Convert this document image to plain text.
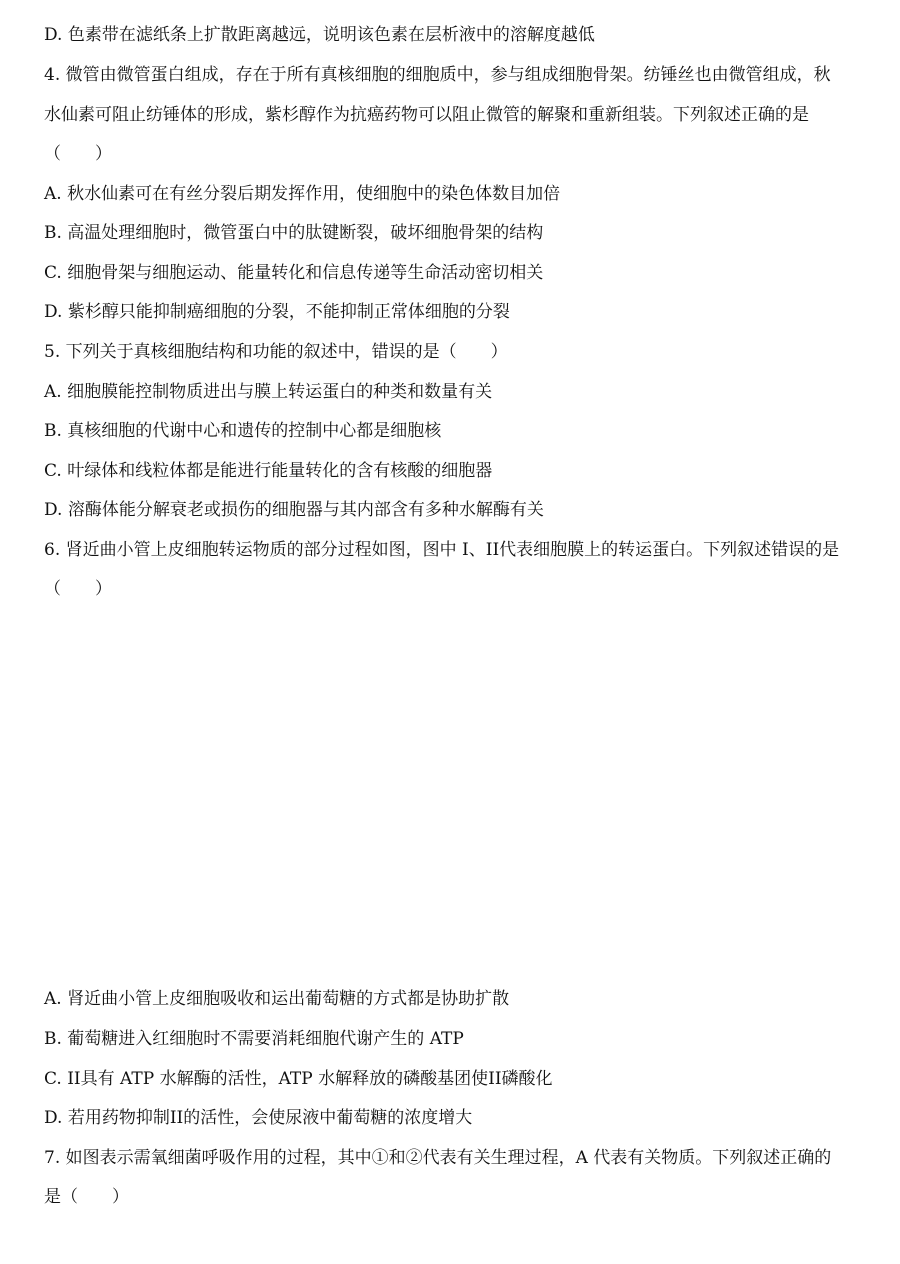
D. 色素带在滤纸条上扩散距离越远，说明该色素在层析液中的溶解度越低
4. 微管由微管蛋白组成，存在于所有真核细胞的细胞质中，参与组成细胞骨架。纺锤丝也由微管组成，秋
水仙素可阻止纺锤体的形成，紫杉醇作为抗癌药物可以阻止微管的解聚和重新组装。下列叙述正确的是
（　　）
A. 秋水仙素可在有丝分裂后期发挥作用，使细胞中的染色体数目加倍
B. 高温处理细胞时，微管蛋白中的肽键断裂，破坏细胞骨架的结构
C. 细胞骨架与细胞运动、能量转化和信息传递等生命活动密切相关
D. 紫杉醇只能抑制癌细胞的分裂，不能抑制正常体细胞的分裂
5. 下列关于真核细胞结构和功能的叙述中，错误的是（　　）
A. 细胞膜能控制物质进出与膜上转运蛋白的种类和数量有关
B. 真核细胞的代谢中心和遗传的控制中心都是细胞核
C. 叶绿体和线粒体都是能进行能量转化的含有核酸的细胞器
D. 溶酶体能分解衰老或损伤的细胞器与其内部含有多种水解酶有关
6. 肾近曲小管上皮细胞转运物质的部分过程如图，图中 I、II代表细胞膜上的转运蛋白。下列叙述错误的是
（　　）
A. 肾近曲小管上皮细胞吸收和运出葡萄糖的方式都是协助扩散
B. 葡萄糖进入红细胞时不需要消耗细胞代谢产生的 ATP
C. II具有 ATP 水解酶的活性，ATP 水解释放的磷酸基团使II磷酸化
D. 若用药物抑制II的活性，会使尿液中葡萄糖的浓度增大
7. 如图表示需氧细菌呼吸作用的过程，其中①和②代表有关生理过程，A 代表有关物质。下列叙述正确的
是（　　）
